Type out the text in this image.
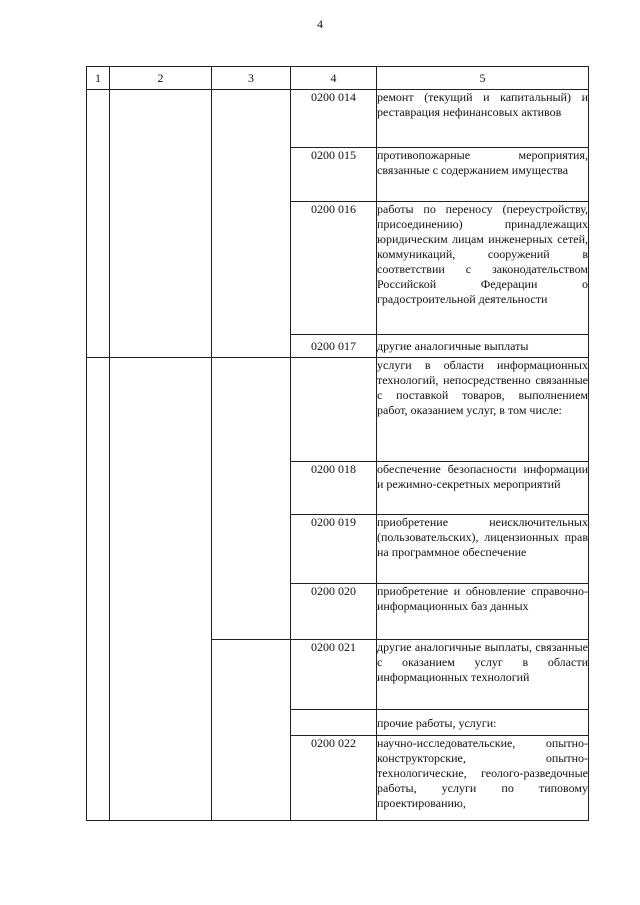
4
1	2	3	4	5
			0200 014	ремонт (текущий и капитальный) и реставрация нефинансовых активов
			0200 015	противопожарные мероприятия, связанные с содержанием имущества
			0200 016	работы по переносу (переустройству, присоединению) принадлежащих юридическим лицам инженерных сетей, коммуникаций, сооружений в соответствии с законодательством Российской Федерации о градостроительной деятельности
			0200 017	другие аналогичные выплаты
				услуги в области информационных технологий, непосредственно связанные с поставкой товаров, выполнением работ, оказанием услуг, в том числе:
			0200 018	обеспечение безопасности информации и режимно-секретных мероприятий
			0200 019	приобретение неисключительных (пользовательских), лицензионных прав на программное обеспечение
			0200 020	приобретение и обновление справочно-информационных баз данных
			0200 021	другие аналогичные выплаты, связанные с оказанием услуг в области информационных технологий
				прочие работы, услуги:
			0200 022	научно-исследовательские, опытно-конструкторские, опытно-технологические, геолого-разведочные работы, услуги по типовому проектированию,
